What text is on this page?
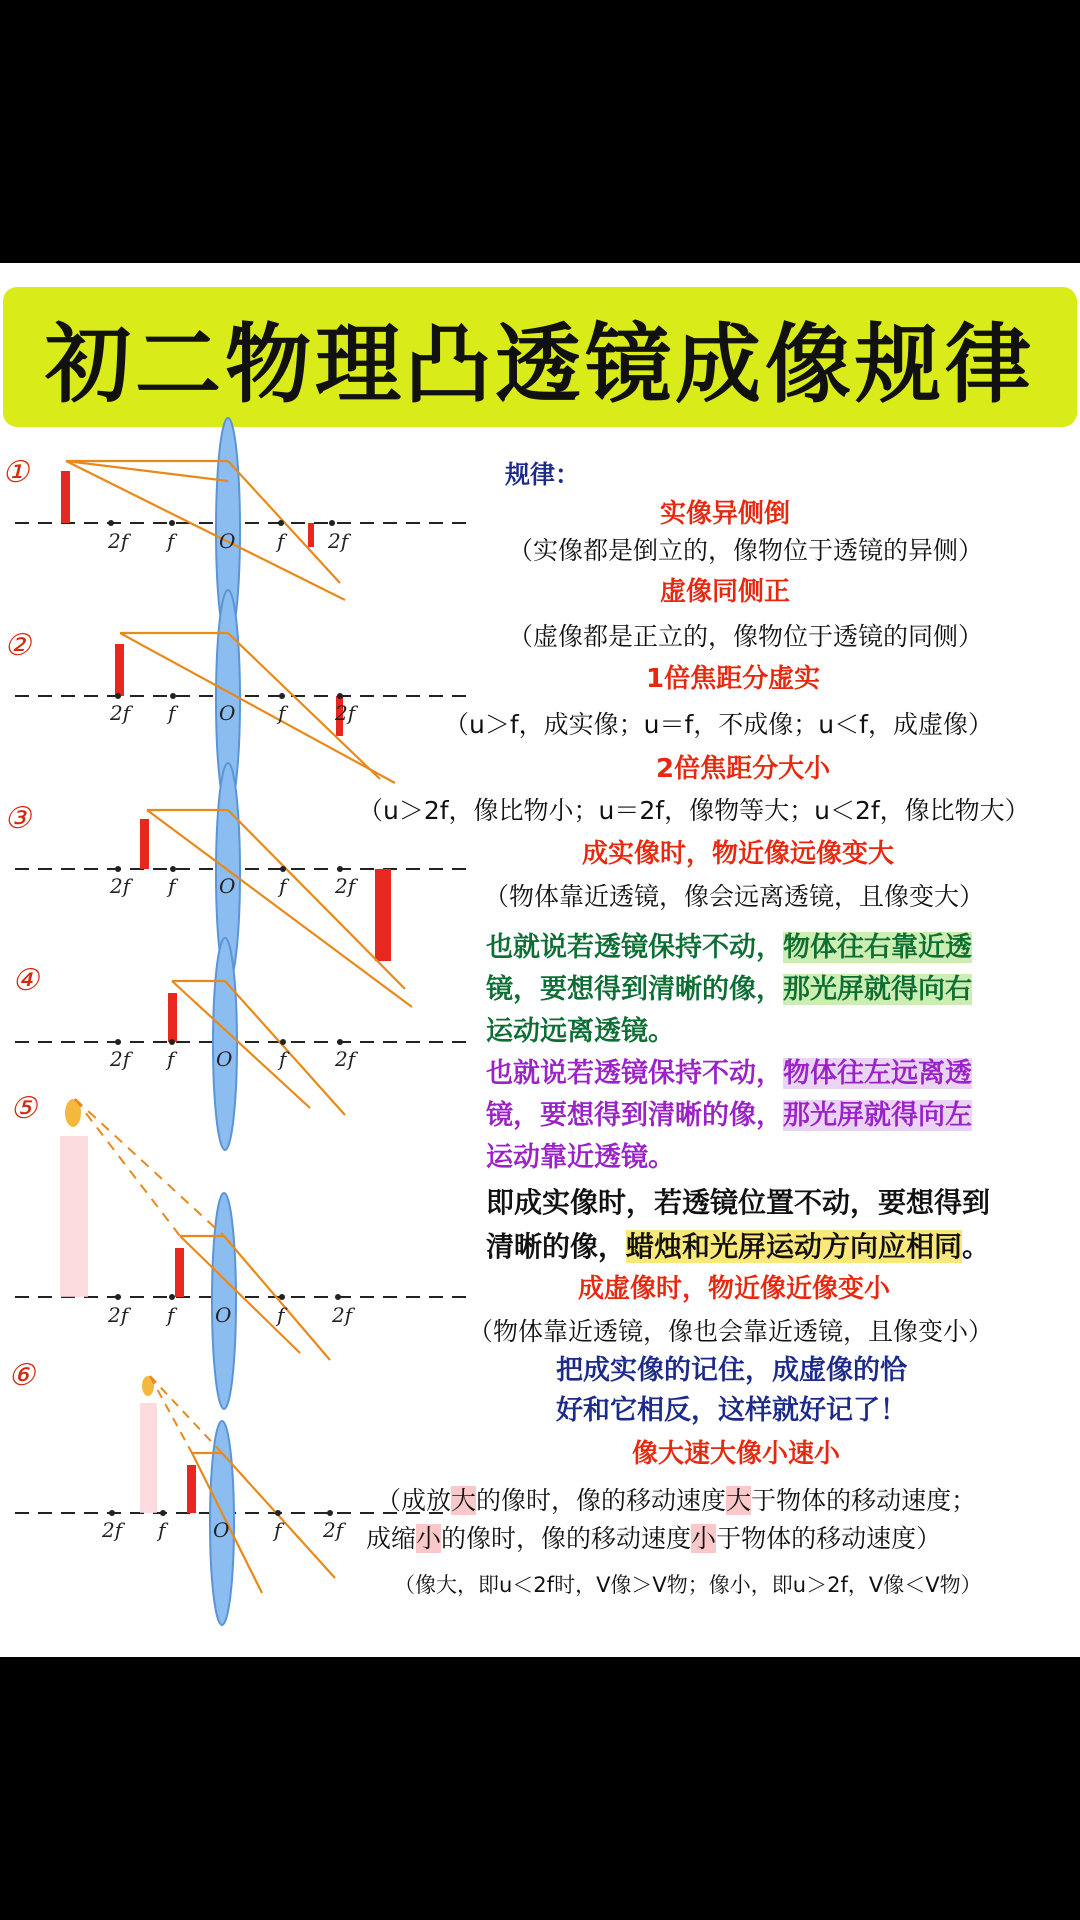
初二物理凸透镜成像规律
2f f O f 2f
2f f O f 2f
2f f O f 2f
2f f O f 2f
2f f O f 2f
2f f O f 2f
①
②
③
④
⑤
⑥
规律：
实像异侧倒
（实像都是倒立的，像物位于透镜的异侧）
虚像同侧正
（虚像都是正立的，像物位于透镜的同侧）
1倍焦距分虚实
（u＞f，成实像；u＝f，不成像；u＜f，成虚像）
2倍焦距分大小
（u＞2f，像比物小；u＝2f，像物等大；u＜2f，像比物大）
成实像时，物近像远像变大
（物体靠近透镜，像会远离透镜，且像变大）
也就说若透镜保持不动，物体往右靠近透
镜，要想得到清晰的像，那光屏就得向右
运动远离透镜。
也就说若透镜保持不动，物体往左远离透
镜，要想得到清晰的像，那光屏就得向左
运动靠近透镜。
即成实像时，若透镜位置不动，要想得到
清晰的像，蜡烛和光屏运动方向应相同。
成虚像时，物近像近像变小
（物体靠近透镜，像也会靠近透镜，且像变小）
把成实像的记住，成虚像的恰
好和它相反，这样就好记了！
像大速大像小速小
（成放大的像时，像的移动速度大于物体的移动速度；
成缩小的像时，像的移动速度小于物体的移动速度）
（像大，即u＜2f时，V像＞V物；像小，即u＞2f，V像＜V物）
